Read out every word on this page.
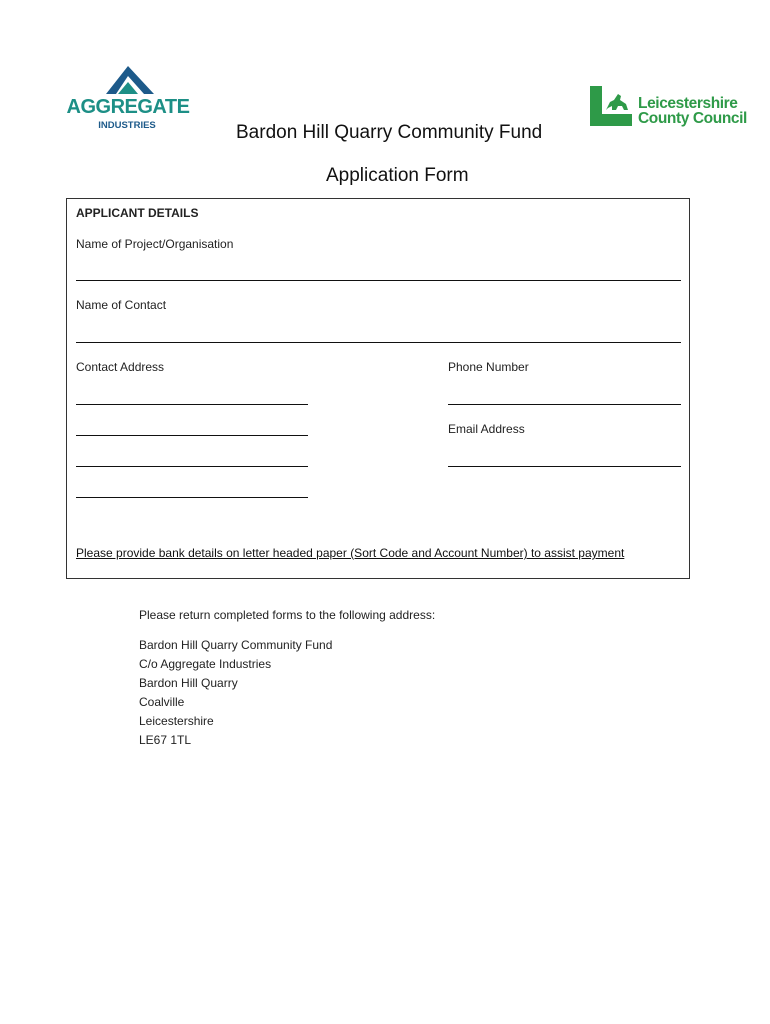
AGGREGATE
INDUSTRIES
Leicestershire
County Council
Bardon Hill Quarry Community Fund
Application Form
APPLICANT DETAILS
Name of Project/Organisation
Name of Contact
Contact Address	Phone Number
Email Address
Please provide bank details on letter headed paper (Sort Code and Account Number) to assist payment
Please return completed forms to the following address:
Bardon Hill Quarry Community Fund
C/o Aggregate Industries
Bardon Hill Quarry
Coalville
Leicestershire
LE67 1TL
